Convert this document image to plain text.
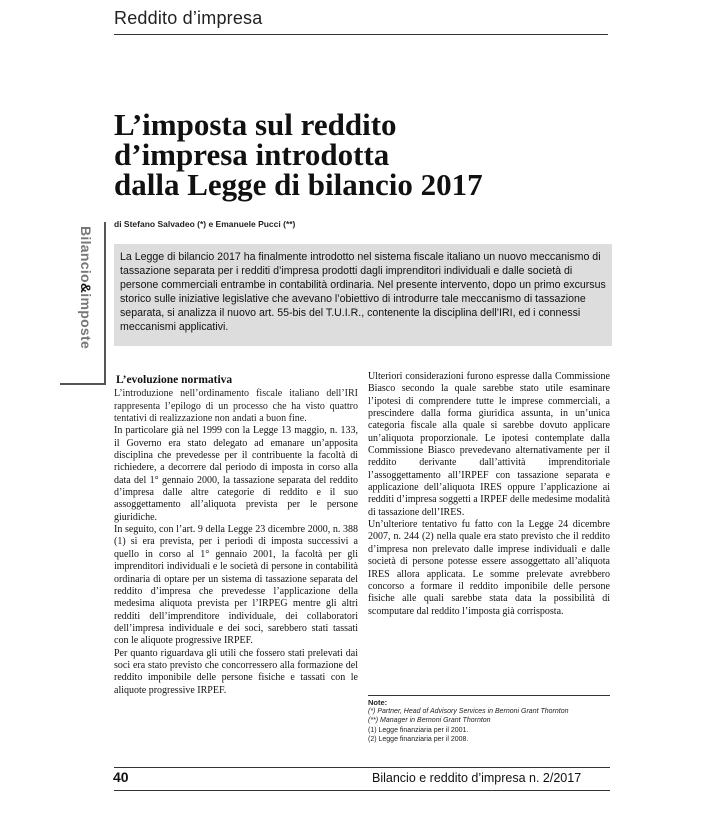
Reddito d’impresa
L’imposta sul reddito
d’impresa introdotta
dalla Legge di bilancio 2017
di Stefano Salvadeo (*) e Emanuele Pucci (**)
Bilancio&imposte
La Legge di bilancio 2017 ha finalmente introdotto nel sistema fiscale italiano un nuovo meccanismo di tassazione separata per i redditi d’impresa prodotti dagli imprenditori individuali e dalle società di persone commerciali entrambe in contabilità ordinaria. Nel presente intervento, dopo un primo excursus storico sulle iniziative legislative che avevano l’obiettivo di introdurre tale meccanismo di tassazione separata, si analizza il nuovo art. 55-bis del T.U.I.R., contenente la disciplina dell’IRI, ed i connessi meccanismi applicativi.
L’evoluzione normativa

L’introduzione nell’ordinamento fiscale italiano dell’IRI rappresenta l’epilogo di un processo che ha visto quattro tentativi di realizzazione non andati a buon fine.

In particolare già nel 1999 con la Legge 13 maggio, n. 133, il Governo era stato delegato ad emanare un’apposita disciplina che prevedesse per il contribuente la facoltà di richiedere, a decorrere dal periodo di imposta in corso alla data del 1° gennaio 2000, la tassazione separata del reddito d’impresa dalle altre categorie di reddito e il suo assoggettamento all’aliquota prevista per le persone giuridiche.

In seguito, con l’art. 9 della Legge 23 dicembre 2000, n. 388 (1) si era prevista, per i periodi di imposta successivi a quello in corso al 1° gennaio 2001, la facoltà per gli imprenditori individuali e le società di persone in contabilità ordinaria di optare per un sistema di tassazione separata del reddito d’impresa che prevedesse l’applicazione della medesima aliquota prevista per l’IRPEG mentre gli altri redditi dell’imprenditore individuale, dei collaboratori dell’impresa individuale e dei soci, sarebbero stati tassati con le aliquote progressive IRPEF.

Per quanto riguardava gli utili che fossero stati prelevati dai soci era stato previsto che concorressero alla formazione del reddito imponibile delle persone fisiche e tassati con le aliquote progressive IRPEF.

Ulteriori considerazioni furono espresse dalla Commissione Biasco secondo la quale sarebbe stato utile esaminare l’ipotesi di comprendere tutte le imprese commerciali, a prescindere dalla forma giuridica assunta, in un’unica categoria fiscale alla quale si sarebbe dovuto applicare un’aliquota proporzionale. Le ipotesi contemplate dalla Commissione Biasco prevedevano alternativamente per il reddito derivante dall’attività imprenditoriale l’assoggettamento all’IRPEF con tassazione separata e applicazione dell’aliquota IRES oppure l’applicazione ai redditi d’impresa soggetti a IRPEF delle medesime modalità di tassazione dell’IRES.

Un’ulteriore tentativo fu fatto con la Legge 24 dicembre 2007, n. 244 (2) nella quale era stato previsto che il reddito d’impresa non prelevato dalle imprese individuali e dalle società di persone potesse essere assoggettato all’aliquota IRES allora applicata. Le somme prelevate avrebbero concorso a formare il reddito imponibile delle persone fisiche alle quali sarebbe stata data la possibilità di scomputare dal reddito l’imposta già corrisposta.

Note:
(*) Partner, Head of Advisory Services in Bernoni Grant Thornton
(**) Manager in Bernoni Grant Thornton
(1) Legge finanziaria per il 2001.
(2) Legge finanziaria per il 2008.
40	Bilancio e reddito d’impresa n. 2/2017
